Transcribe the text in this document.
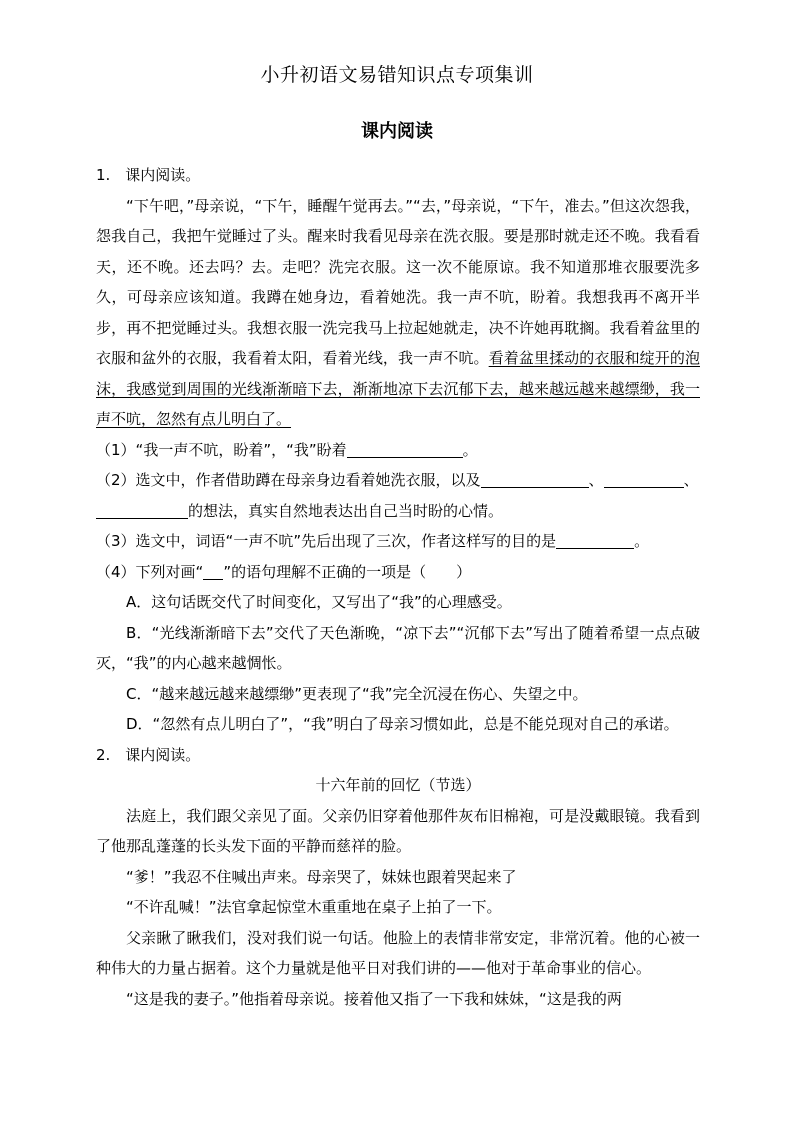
小升初语文易错知识点专项集训
课内阅读

1.　课内阅读。

“下午吧，”母亲说，“下午，睡醒午觉再去。”“去，”母亲说，“下午，准去。”但这次怨我，怨我自己，我把午觉睡过了头。醒来时我看见母亲在洗衣服。要是那时就走还不晚。我看看天，还不晚。还去吗？去。走吧？洗完衣服。这一次不能原谅。我不知道那堆衣服要洗多久，可母亲应该知道。我蹲在她身边，看着她洗。我一声不吭，盼着。我想我再不离开半步，再不把觉睡过头。我想衣服一洗完我马上拉起她就走，决不许她再耽搁。我看着盆里的衣服和盆外的衣服，我看着太阳，看着光线，我一声不吭。看着盆里揉动的衣服和绽开的泡沫，我感觉到周围的光线渐渐暗下去，渐渐地凉下去沉郁下去，越来越远越来越缥缈，我一声不吭，忽然有点儿明白了。

（1）“我一声不吭，盼着”，“我”盼着	。

（2）选文中，作者借助蹲在母亲身边看着她洗衣服，以及	、	、
的想法，真实自然地表达出自己当时盼的心情。

（3）选文中，词语“一声不吭”先后出现了三次，作者这样写的目的是	。

（4）下列对画“ ”的语句理解不正确的一项是（　　）

A．这句话既交代了时间变化，又写出了“我”的心理感受。

B．“光线渐渐暗下去”交代了天色渐晚，“凉下去”“沉郁下去”写出了随着希望一点点破灭，“我”的内心越来越惆怅。

C．“越来越远越来越缥缈”更表现了“我”完全沉浸在伤心、失望之中。

D．“忽然有点儿明白了”，“我”明白了母亲习惯如此，总是不能兑现对自己的承诺。

2.　课内阅读。

十六年前的回忆（节选）

法庭上，我们跟父亲见了面。父亲仍旧穿着他那件灰布旧棉袍，可是没戴眼镜。我看到了他那乱蓬蓬的长头发下面的平静而慈祥的脸。

“爹！”我忍不住喊出声来。母亲哭了，妹妹也跟着哭起来了

“不许乱喊！”法官拿起惊堂木重重地在桌子上拍了一下。

父亲瞅了瞅我们，没对我们说一句话。他脸上的表情非常安定，非常沉着。他的心被一种伟大的力量占据着。这个力量就是他平日对我们讲的——他对于革命事业的信心。

“这是我的妻子。”他指着母亲说。接着他又指了一下我和妹妹，“这是我的两
